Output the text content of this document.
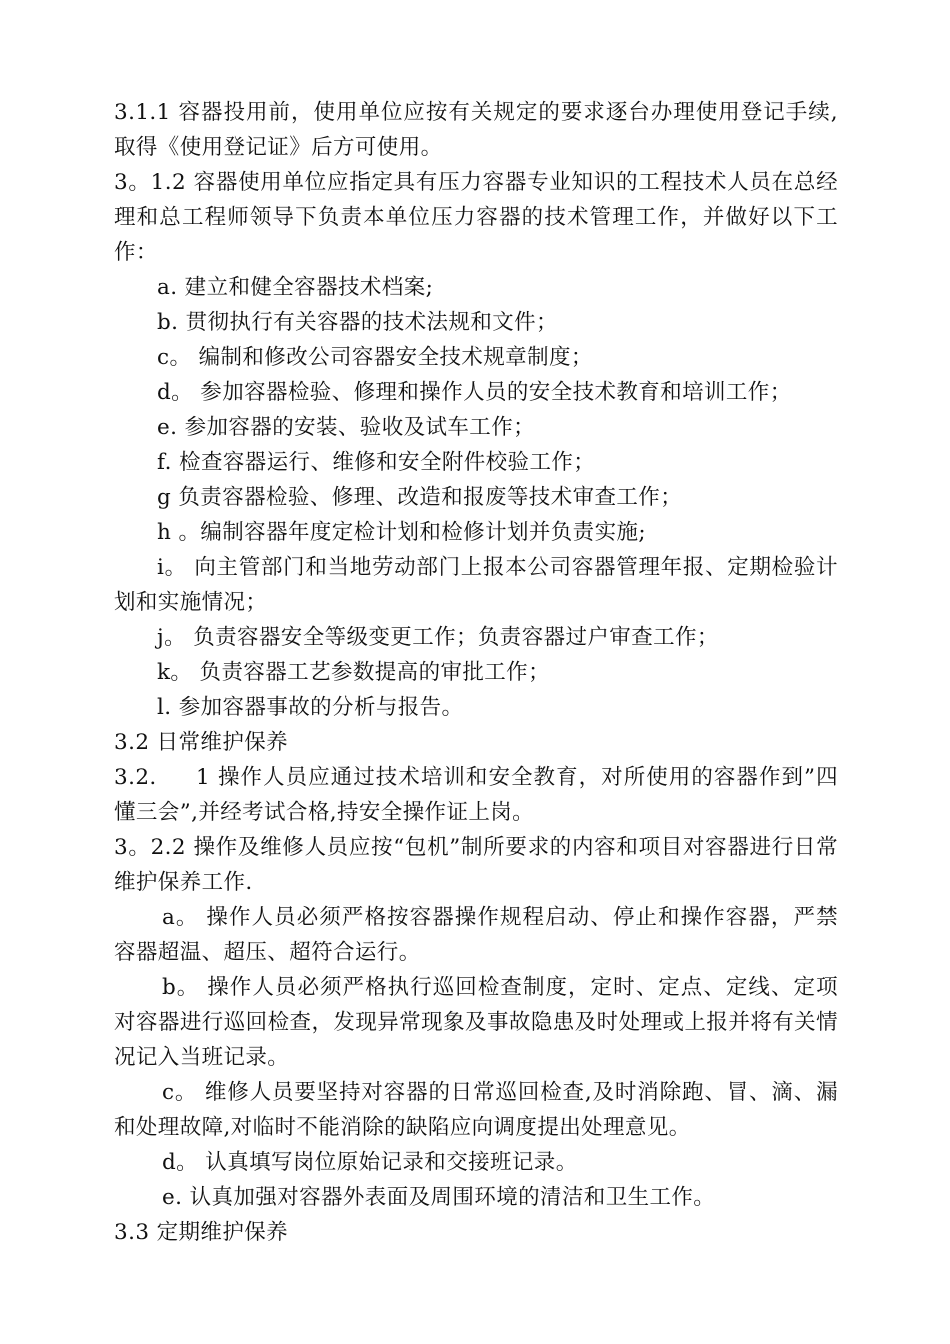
3.1.1 容器投用前，使用单位应按有关规定的要求逐台办理使用登记手续,取得《使用登记证》后方可使用。

3。1.2 容器使用单位应指定具有压力容器专业知识的工程技术人员在总经理和总工程师领导下负责本单位压力容器的技术管理工作，并做好以下工作：

a. 建立和健全容器技术档案;

b. 贯彻执行有关容器的技术法规和文件；

c。 编制和修改公司容器安全技术规章制度；

d。 参加容器检验、修理和操作人员的安全技术教育和培训工作；

e. 参加容器的安装、验收及试车工作；

f. 检查容器运行、维修和安全附件校验工作；

g 负责容器检验、修理、改造和报废等技术审查工作；

h 。编制容器年度定检计划和检修计划并负责实施;

i。 向主管部门和当地劳动部门上报本公司容器管理年报、定期检验计划和实施情况；

j。 负责容器安全等级变更工作；负责容器过户审查工作；

k。 负责容器工艺参数提高的审批工作；

l. 参加容器事故的分析与报告。

3.2 日常维护保养

3.2.     1 操作人员应通过技术培训和安全教育，对所使用的容器作到”四懂三会”,并经考试合格,持安全操作证上岗。

3。2.2 操作及维修人员应按“包机”制所要求的内容和项目对容器进行日常维护保养工作.

a。 操作人员必须严格按容器操作规程启动、停止和操作容器，严禁容器超温、超压、超符合运行。

b。 操作人员必须严格执行巡回检查制度，定时、定点、定线、定项对容器进行巡回检查，发现异常现象及事故隐患及时处理或上报并将有关情况记入当班记录。

c。 维修人员要坚持对容器的日常巡回检查,及时消除跑、冒、滴、漏和处理故障,对临时不能消除的缺陷应向调度提出处理意见。

d。 认真填写岗位原始记录和交接班记录。

e. 认真加强对容器外表面及周围环境的清洁和卫生工作。

3.3 定期维护保养
